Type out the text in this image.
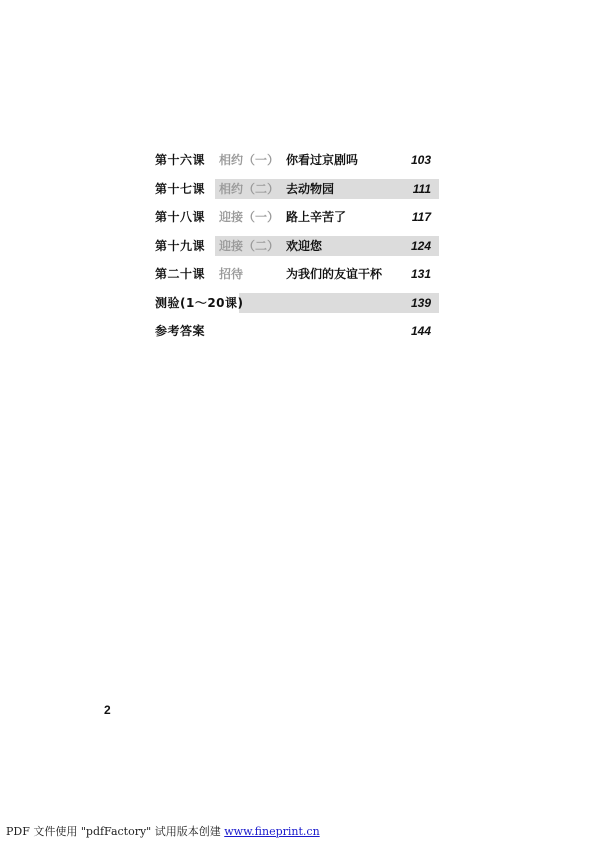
第十六课 相约（一） 你看过京剧吗	103
第十七课 相约（二） 去动物园	111
第十八课 迎接（一） 路上辛苦了	117
第十九课 迎接（二） 欢迎您	124
第二十课 招待	为我们的友谊干杯 131
测验(1～20课)	139
参考答案	144
2
PDF 文件使用 "pdfFactory" 试用版本创建 www.fineprint.cn
